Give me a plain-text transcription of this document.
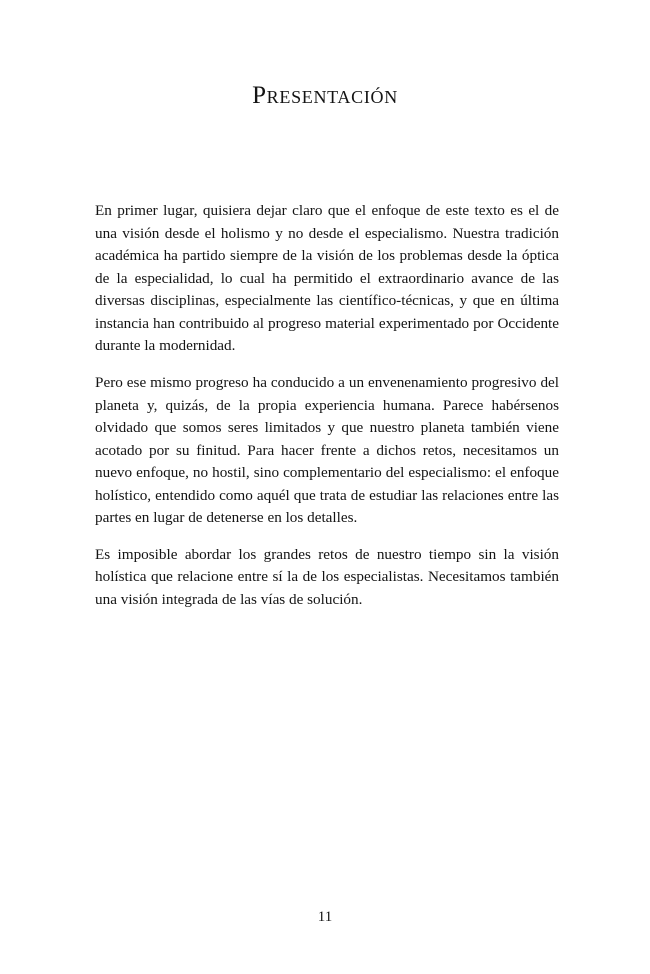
Presentación

En primer lugar, quisiera dejar claro que el enfoque de este texto es el de una visión desde el holismo y no desde el especialismo. Nuestra tradición académica ha partido siempre de la visión de los problemas desde la óptica de la especialidad, lo cual ha permitido el extraordinario avance de las diversas disciplinas, especialmente las científico-técnicas, y que en última instancia han contribuido al progreso material experimentado por Occidente durante la modernidad.

Pero ese mismo progreso ha conducido a un envenenamiento progresivo del planeta y, quizás, de la propia experiencia humana. Parece habérsenos olvidado que somos seres limitados y que nuestro planeta también viene acotado por su finitud. Para hacer frente a dichos retos, necesitamos un nuevo enfoque, no hostil, sino complementario del especialismo: el enfoque holístico, entendido como aquél que trata de estudiar las relaciones entre las partes en lugar de detenerse en los detalles.

Es imposible abordar los grandes retos de nuestro tiempo sin la visión holística que relacione entre sí la de los especialistas. Necesitamos también una visión integrada de las vías de solución.

11
